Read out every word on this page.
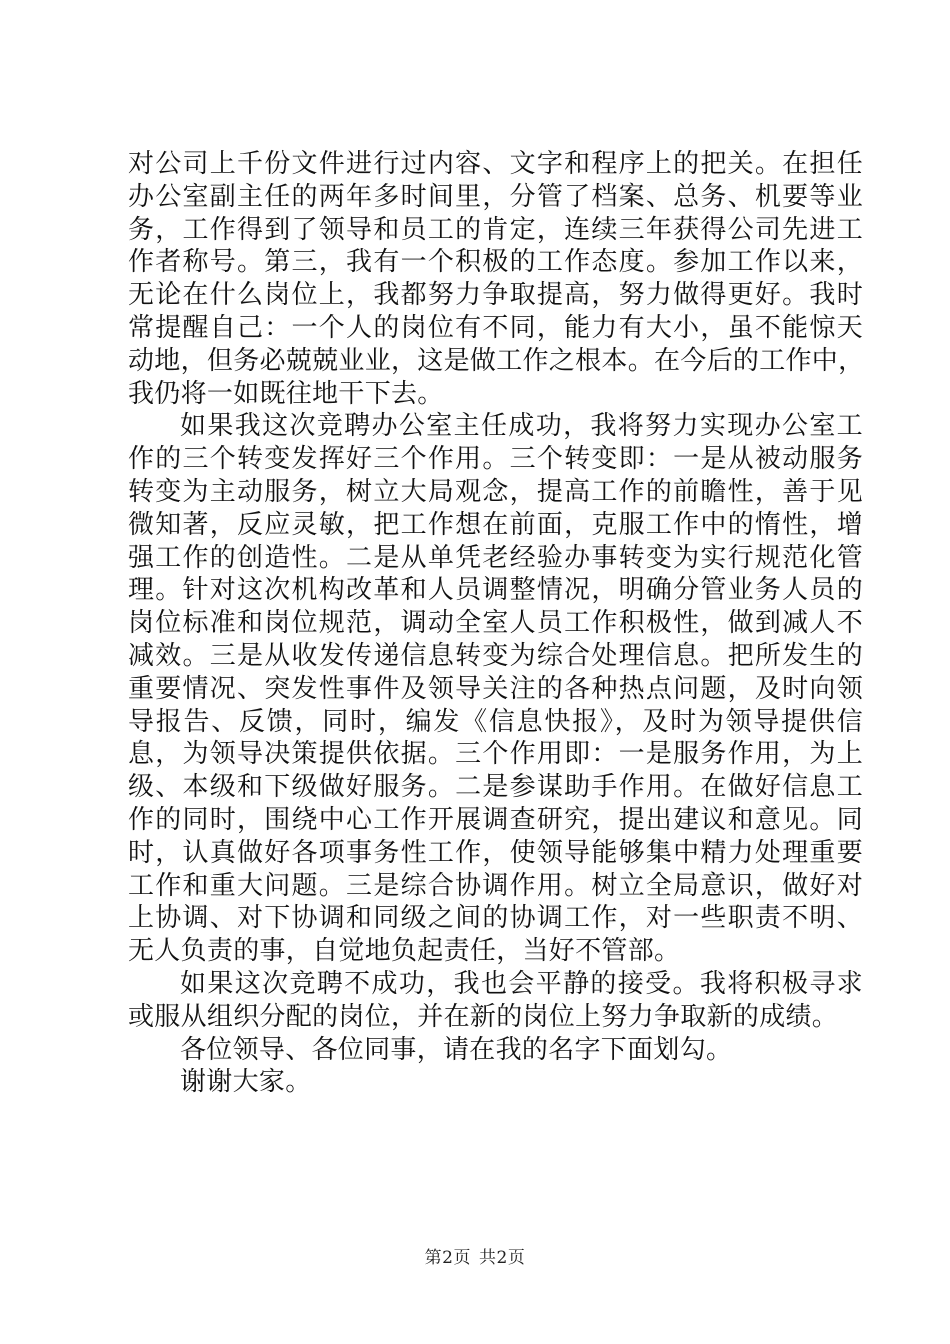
对公司上千份文件进行过内容、文字和程序上的把关。在担任
办公室副主任的两年多时间里，分管了档案、总务、机要等业
务，工作得到了领导和员工的肯定，连续三年获得公司先进工
作者称号。第三，我有一个积极的工作态度。参加工作以来，
无论在什么岗位上，我都努力争取提高，努力做得更好。我时
常提醒自己：一个人的岗位有不同，能力有大小，虽不能惊天
动地，但务必兢兢业业，这是做工作之根本。在今后的工作中，
我仍将一如既往地干下去。
如果我这次竞聘办公室主任成功，我将努力实现办公室工
作的三个转变发挥好三个作用。三个转变即：一是从被动服务
转变为主动服务，树立大局观念，提高工作的前瞻性，善于见
微知著，反应灵敏，把工作想在前面，克服工作中的惰性，增
强工作的创造性。二是从单凭老经验办事转变为实行规范化管
理。针对这次机构改革和人员调整情况，明确分管业务人员的
岗位标准和岗位规范，调动全室人员工作积极性，做到减人不
减效。三是从收发传递信息转变为综合处理信息。把所发生的
重要情况、突发性事件及领导关注的各种热点问题，及时向领
导报告、反馈，同时，编发《信息快报》，及时为领导提供信
息，为领导决策提供依据。三个作用即：一是服务作用，为上
级、本级和下级做好服务。二是参谋助手作用。在做好信息工
作的同时，围绕中心工作开展调查研究，提出建议和意见。同
时，认真做好各项事务性工作，使领导能够集中精力处理重要
工作和重大问题。三是综合协调作用。树立全局意识，做好对
上协调、对下协调和同级之间的协调工作，对一些职责不明、
无人负责的事，自觉地负起责任，当好不管部。
如果这次竞聘不成功，我也会平静的接受。我将积极寻求
或服从组织分配的岗位，并在新的岗位上努力争取新的成绩。
各位领导、各位同事，请在我的名字下面划勾。
谢谢大家。
第2页 共2页
